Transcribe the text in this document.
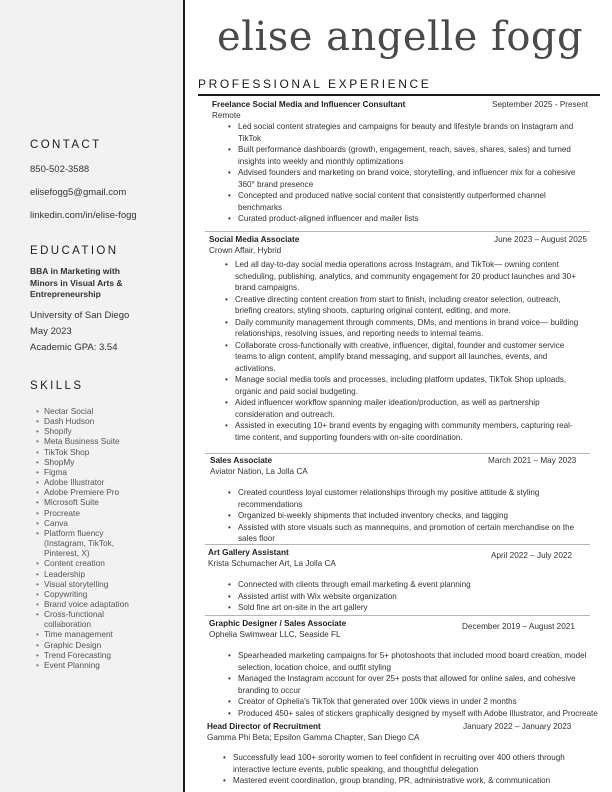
CONTACT
850-502-3588
elisefogg5@gmail.com
linkedin.com/in/elise-fogg
EDUCATION
BBA in Marketing with Minors in Visual Arts & Entrepreneurship
University of San Diego
May 2023
Academic GPA: 3.54
SKILLS
• Nectar Social
• Dash Hudson
• Shopify
• Meta Business Suite
• TikTok Shop
• ShopMy
• Figma
• Adobe Illustrator
• Adobe Premiere Pro
• Microsoft Suite
• Procreate
• Canva
• Platform fluency (Instagram, TikTok, Pinterest, X)
• Content creation
• Leadership
• Visual storytelling
• Copywriting
• Brand voice adaptation
• Cross-functional collaboration
• Time management
• Graphic Design
• Trend Forecasting
• Event Planning
elise angelle fogg
PROFESSIONAL EXPERIENCE
Freelance Social Media and Influencer Consultant	September 2025 - Present
Remote
• Led social content strategies and campaigns for beauty and lifestyle brands on Instagram and TikTok
• Built performance dashboards (growth, engagement, reach, saves, shares, sales) and turned insights into weekly and monthly optimizations
• Advised founders and marketing on brand voice, storytelling, and influencer mix for a cohesive 360° brand presence
• Concepted and produced native social content that consistently outperformed channel benchmarks
• Curated product-aligned influencer and mailer lists
Social Media Associate	June 2023 – August 2025
Crown Affair, Hybrid
• Led all day-to-day social media operations across Instagram, and TikTok— owning content scheduling, publishing, analytics, and community engagement for 20 product launches and 30+ brand campaigns.
• Creative directing content creation from start to finish, including creator selection, outreach, briefing creators, styling shoots, capturing original content, editing, and more.
• Daily community management through comments, DMs, and mentions in brand voice— building relationships, resolving issues, and reporting needs to internal teams.
• Collaborate cross-functionally with creative, influencer, digital, founder and customer service teams to align content, amplify brand messaging, and support all launches, events, and activations.
• Manage social media tools and processes, including platform updates, TikTok Shop uploads, organic and paid social budgeting.
• Aided influencer workflow spanning mailer ideation/production, as well as partnership consideration and outreach.
• Assisted in executing 10+ brand events by engaging with community members, capturing real-time content, and supporting founders with on-site coordination.
Sales Associate	March 2021 – May 2023
Aviator Nation, La Jolla CA
• Created countless loyal customer relationships through my positive attitude & styling recommendations
• Organized bi-weekly shipments that included inventory checks, and tagging
• Assisted with store visuals such as mannequins, and promotion of certain merchandise on the sales floor
Art Gallery Assistant	April 2022 – July 2022
Krista Schumacher Art, La Jolla CA
• Connected with clients through email marketing & event planning
• Assisted artist with Wix website organization
• Sold fine art on-site in the art gallery
Graphic Designer / Sales Associate	December 2019 – August 2021
Ophelia Swimwear LLC, Seaside FL
• Spearheaded marketing campaigns for 5+ photoshoots that included mood board creation, model selection, location choice, and outfit styling
• Managed the Instagram account for over 25+ posts that allowed for online sales, and cohesive branding to occur
• Creator of Ophelia's TikTok that generated over 100k views in under 2 months
• Produced 450+ sales of stickers graphically designed by myself with Adobe Illustrator, and Procreate
Head Director of Recruitment	January 2022 – January 2023
Gamma Phi Beta; Epsilon Gamma Chapter, San Diego CA
• Successfully lead 100+ sorority women to feel confident in recruiting over 400 others through interactive lecture events, public speaking, and thoughtful delegation
• Mastered event coordination, group branding, PR, administrative work, & communication
